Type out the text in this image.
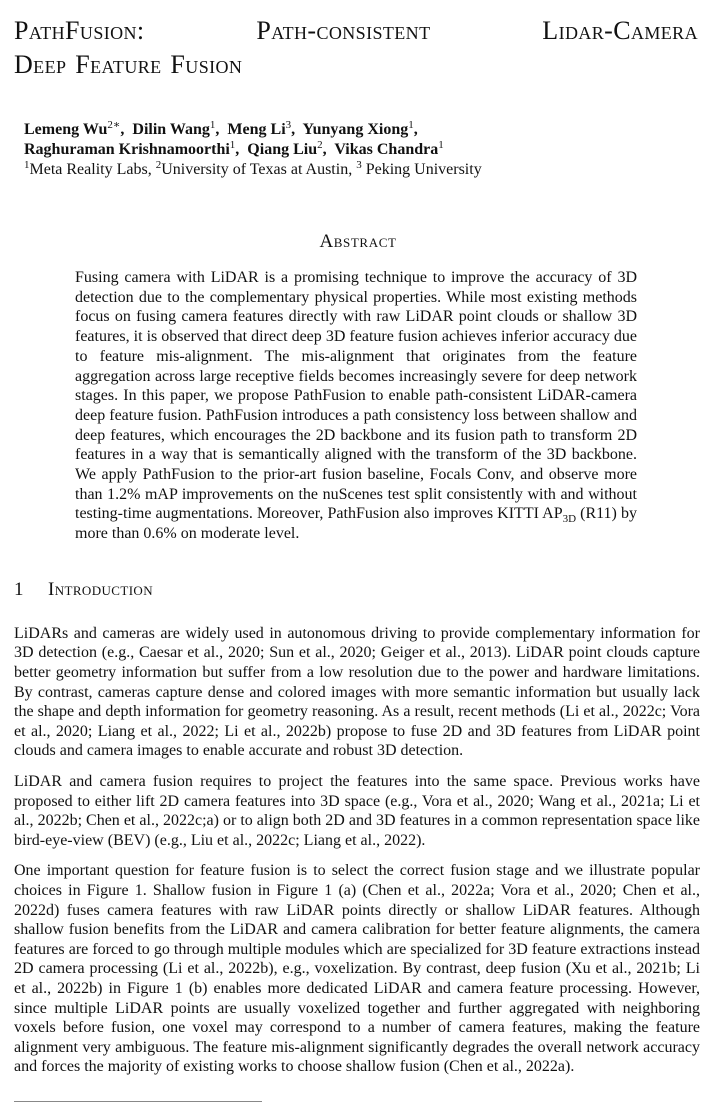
PathFusion:	Path-consistent	Lidar-Camera
Deep Feature Fusion
Lemeng $Wu^{2∗}$,  Dilin Wang$^1$,  Meng Li$^3$,  Yunyang Xiong$^1$,
Raghuraman Krishnamoorthi$^1$,  Qiang Liu$^2$,  Vikas Chandra$^1$
$^1$Meta Reality Labs, $^2$University of Texas at Austin, $^3$ Peking University
Abstract
Fusing camera with LiDAR is a promising technique to improve the accuracy of 3D detection due to the complementary physical properties. While most existing methods focus on fusing camera features directly with raw LiDAR point clouds or shallow 3D features, it is observed that direct deep 3D feature fusion achieves inferior accuracy due to feature mis-alignment. The mis-alignment that originates from the feature aggregation across large receptive fields becomes increasingly severe for deep network stages. In this paper, we propose PathFusion to enable path-consistent LiDAR-camera deep feature fusion. PathFusion introduces a path consistency loss between shallow and deep features, which encourages the 2D backbone and its fusion path to transform 2D features in a way that is semantically aligned with the transform of the 3D backbone. We apply PathFusion to the prior-art fusion baseline, Focals Conv, and observe more than 1.2% mAP improvements on the nuScenes test split consistently with and without testing-time augmentations. Moreover, PathFusion also improves KITTI $AP_{3D}$ (R11) by more than 0.6% on moderate level.
1 Introduction

LiDARs and cameras are widely used in autonomous driving to provide complementary information for 3D detection (e.g., Caesar et al., 2020; Sun et al., 2020; Geiger et al., 2013). LiDAR point clouds capture better geometry information but suffer from a low resolution due to the power and hardware limitations. By contrast, cameras capture dense and colored images with more semantic information but usually lack the shape and depth information for geometry reasoning. As a result, recent methods (Li et al., 2022c; Vora et al., 2020; Liang et al., 2022; Li et al., 2022b) propose to fuse 2D and 3D features from LiDAR point clouds and camera images to enable accurate and robust 3D detection.

LiDAR and camera fusion requires to project the features into the same space. Previous works have proposed to either lift 2D camera features into 3D space (e.g., Vora et al., 2020; Wang et al., 2021a; Li et al., 2022b; Chen et al., 2022c;a) or to align both 2D and 3D features in a common representation space like bird-eye-view (BEV) (e.g., Liu et al., 2022c; Liang et al., 2022).

One important question for feature fusion is to select the correct fusion stage and we illustrate popular choices in Figure 1. Shallow fusion in Figure 1 (a) (Chen et al., 2022a; Vora et al., 2020; Chen et al., 2022d) fuses camera features with raw LiDAR points directly or shallow LiDAR features. Although shallow fusion benefits from the LiDAR and camera calibration for better feature alignments, the camera features are forced to go through multiple modules which are specialized for 3D feature extractions instead 2D camera processing (Li et al., 2022b), e.g., voxelization. By contrast, deep fusion (Xu et al., 2021b; Li et al., 2022b) in Figure 1 (b) enables more dedicated LiDAR and camera feature processing. However, since multiple LiDAR points are usually voxelized together and further aggregated with neighboring voxels before fusion, one voxel may correspond to a number of camera features, making the feature alignment very ambiguous. The feature mis-alignment significantly degrades the overall network accuracy and forces the majority of existing works to choose shallow fusion (Chen et al., 2022a).
